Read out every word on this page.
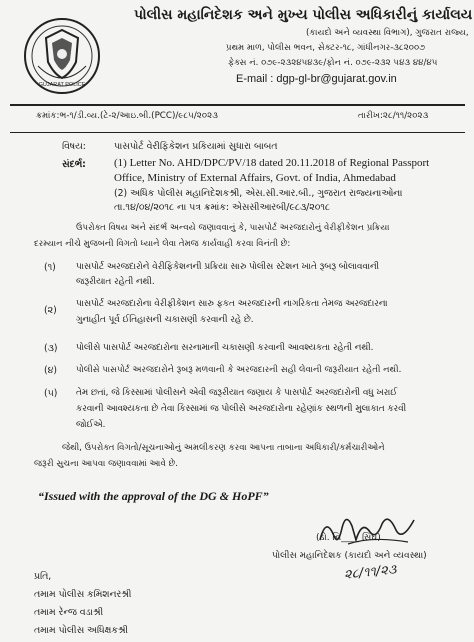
GUJARAT POLICE
પોલીસ મહાનિદેશક અને મુખ્ય પોલીસ અધિકારીનું કાર્યાલય
(કાયદો અને વ્યવસ્થા વિભાગ), ગુજરાત રાજ્ય,
પ્રથમ માળ, પોલીસ ભવન, સેક્ટર-૧૮, ગાંધીનગર-૩૮૨૦૦૭
ફેક્સ નં. ૦૭૯-૨૩૨૪૫૪૩૯/ફોન નં. ૦૭૯-૨૩૨ ૫૪૩ ૪૪/૪૫
E-mail : dgp-gl-br@gujarat.gov.in
ક્રમાંક:ભ-૧/ડી.વ્ય.(ટે-૨/આઇ.બી.(PCC)/૯૮૫/૨૦૨૩	તારીખ:૨૮/૧૧/૨૦૨૩
વિષય:	પાસપોર્ટ વેરીફિકેશન પ્રકિયામાં સુધારા બાબત
સંદર્ભ:	(1) Letter No. AHD/DPC/PV/18 dated 20.11.2018 of Regional Passport
Office, Ministry of External Affairs, Govt. of India, Ahmedabad
(2) અધિક પોલીસ મહાનિદેશકશ્રી, એસ.સી.આર.બી., ગુજરાત રાજ્યનાઓના
તા.૧૪/૦૪/૨૦૧૮ ના પત્ર ક્રમાંક: એસસીઆરબી/૯૮૩/૨૦૧૮
ઉપરોક્ત વિષય અને સંદર્ભ અન્વયે જણાવવાનું કે, પાસપોર્ટ અરજદારોનું વેરીફીકેશન પ્રક્રિયા
દરમ્યાન નીચે મુજબની વિગતો ધ્યાને લેવા તેમજ કાર્યવાહી કરવા વિનંતી છે:
(૧) પાસપોર્ટ અરજદારોને વેરીફિકેશનની પ્રક્રિયા સારુ પોલીસ સ્ટેશન ખાતે રૂબરૂ બોલાવવાની
જરૂરીયાત રહેતી નથી.
(૨)
પાસપોર્ટ અરજદારોના વેરીફીકેશન સારુ ફકત અરજદારની નાગરિકતા તેમજ અરજદારના
ગુનાહીત પૂર્વ ઈતિહાસની ચકાસણી કરવાની રહે છે.
(૩) પોલીસે પાસપોર્ટ અરજદારોના સરનામાની ચકાસણી કરવાની આવશ્યકતા રહેતી નથી.
(૪) પોલીસે પાસપોર્ટ અરજદારોને રૂબરૂ મળવાની કે અરજદારની સહી લેવાની જરૂરીયાત રહેતી નથી.
(૫) તેમ છતાં, જે કિસ્સામાં પોલીસને એવી જરૂરીયાત જણાય કે પાસપોર્ટ અરજદારોની વધુ ખરાઈ
કરવાની આવશ્યકતા છે તેવા કિસ્સામાં જ પોલીસે અરજદારોના રહેણાંક સ્થળની મુલાકાત કરવી
જોઈએ.
જેથી, ઉપરોક્ત વિગતો/સૂચનાઓનું અમલીકરણ કરવા આપના તાબાના અધિકારી/કર્મચારીઓને
જરૂરી સુચના આપવા જણાવવામાં આવે છે.
“Issued with the approval of the DG & HoPF”
(ડો. નિ____ સિંઘ)
પોલીસ મહાનિદેશક (કાયદો અને વ્યવસ્થા)
૨૮/૧૧/૨૩
પ્રતિ,
તમામ પોલીસ કમિશનરશ્રી
તમામ રેન્જ વડાશ્રી
તમામ પોલીસ અધિક્ષકશ્રી
